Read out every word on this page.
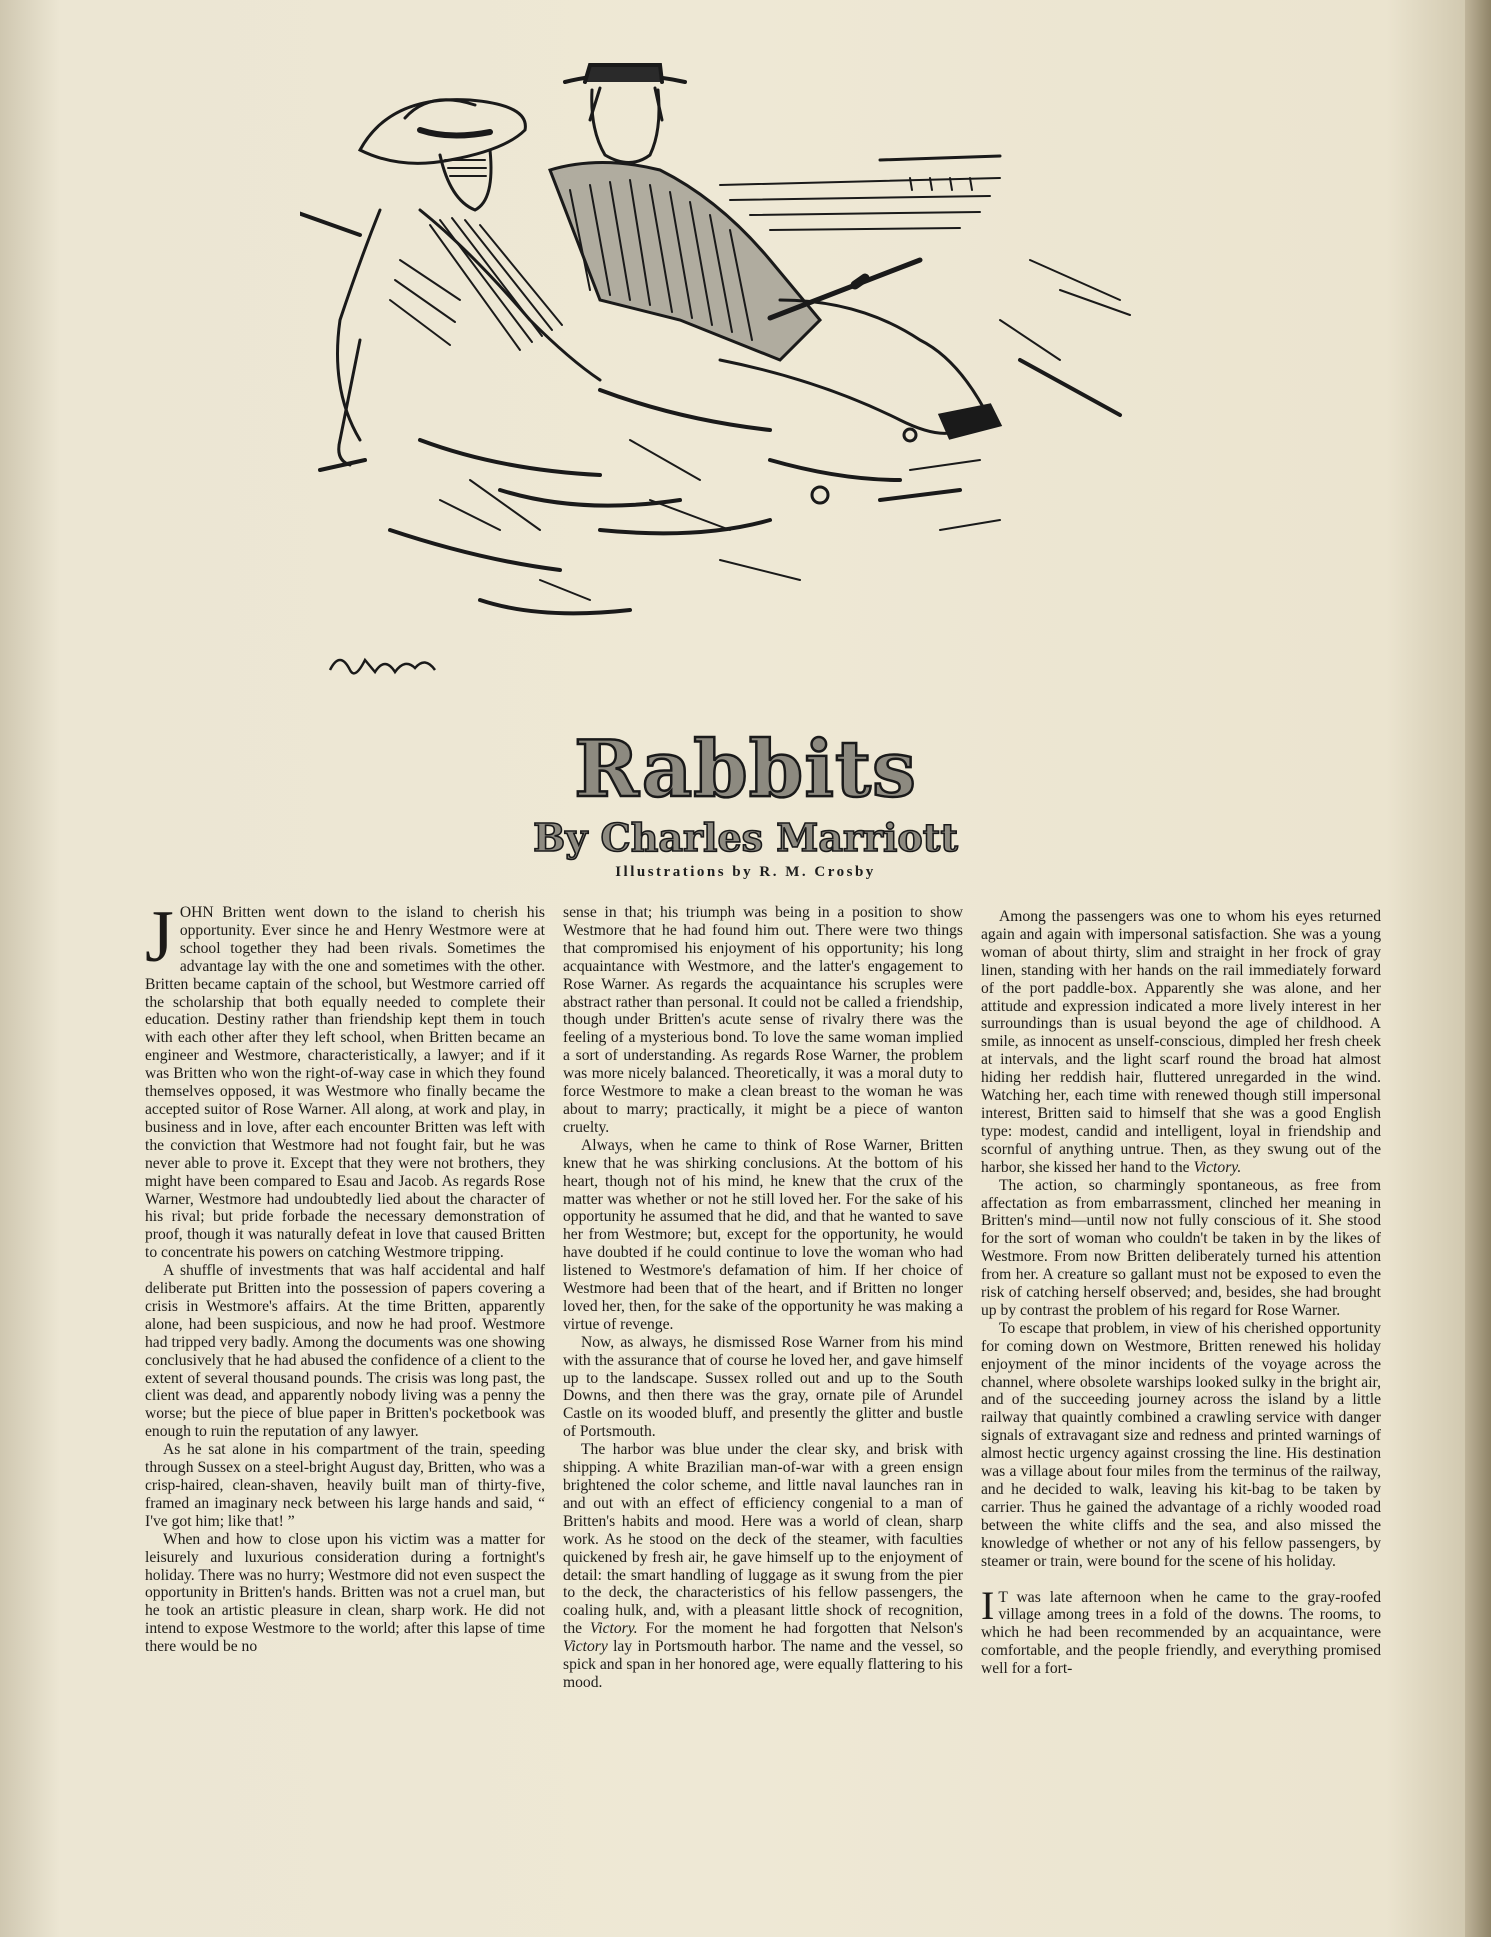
Rabbits
By Charles Marriott
Illustrations by R. M. Crosby

JOHN Britten went down to the island to cherish his opportunity. Ever since he and Henry Westmore were at school together they had been rivals. Sometimes the advantage lay with the one and sometimes with the other. Britten became captain of the school, but Westmore carried off the scholarship that both equally needed to complete their education. Destiny rather than friendship kept them in touch with each other after they left school, when Britten became an engineer and Westmore, characteristically, a lawyer; and if it was Britten who won the right-of-way case in which they found themselves opposed, it was Westmore who finally became the accepted suitor of Rose Warner. All along, at work and play, in business and in love, after each encounter Britten was left with the conviction that Westmore had not fought fair, but he was never able to prove it. Except that they were not brothers, they might have been compared to Esau and Jacob. As regards Rose Warner, Westmore had undoubtedly lied about the character of his rival; but pride forbade the necessary demonstration of proof, though it was naturally defeat in love that caused Britten to concentrate his powers on catching Westmore tripping.

A shuffle of investments that was half accidental and half deliberate put Britten into the possession of papers covering a crisis in Westmore's affairs. At the time Britten, apparently alone, had been suspicious, and now he had proof. Westmore had tripped very badly. Among the documents was one showing conclusively that he had abused the confidence of a client to the extent of several thousand pounds. The crisis was long past, the client was dead, and apparently nobody living was a penny the worse; but the piece of blue paper in Britten's pocketbook was enough to ruin the reputation of any lawyer.

As he sat alone in his compartment of the train, speeding through Sussex on a steel-bright August day, Britten, who was a crisp-haired, clean-shaven, heavily built man of thirty-five, framed an imaginary neck between his large hands and said, “ I've got him; like that! ”

When and how to close upon his victim was a matter for leisurely and luxurious consideration during a fortnight's holiday. There was no hurry; Westmore did not even suspect the opportunity in Britten's hands. Britten was not a cruel man, but he took an artistic pleasure in clean, sharp work. He did not intend to expose Westmore to the world; after this lapse of time there would be no

sense in that; his triumph was being in a position to show Westmore that he had found him out. There were two things that compromised his enjoyment of his opportunity; his long acquaintance with Westmore, and the latter's engagement to Rose Warner. As regards the acquaintance his scruples were abstract rather than personal. It could not be called a friendship, though under Britten's acute sense of rivalry there was the feeling of a mysterious bond. To love the same woman implied a sort of understanding. As regards Rose Warner, the problem was more nicely balanced. Theoretically, it was a moral duty to force Westmore to make a clean breast to the woman he was about to marry; practically, it might be a piece of wanton cruelty.

Always, when he came to think of Rose Warner, Britten knew that he was shirking conclusions. At the bottom of his heart, though not of his mind, he knew that the crux of the matter was whether or not he still loved her. For the sake of his opportunity he assumed that he did, and that he wanted to save her from Westmore; but, except for the opportunity, he would have doubted if he could continue to love the woman who had listened to Westmore's defamation of him. If her choice of Westmore had been that of the heart, and if Britten no longer loved her, then, for the sake of the opportunity he was making a virtue of revenge.

Now, as always, he dismissed Rose Warner from his mind with the assurance that of course he loved her, and gave himself up to the landscape. Sussex rolled out and up to the South Downs, and then there was the gray, ornate pile of Arundel Castle on its wooded bluff, and presently the glitter and bustle of Portsmouth.

The harbor was blue under the clear sky, and brisk with shipping. A white Brazilian man-of-war with a green ensign brightened the color scheme, and little naval launches ran in and out with an effect of efficiency congenial to a man of Britten's habits and mood. Here was a world of clean, sharp work. As he stood on the deck of the steamer, with faculties quickened by fresh air, he gave himself up to the enjoyment of detail: the smart handling of luggage as it swung from the pier to the deck, the characteristics of his fellow passengers, the coaling hulk, and, with a pleasant little shock of recognition, the Victory. For the moment he had forgotten that Nelson's Victory lay in Portsmouth harbor. The name and the vessel, so spick and span in her honored age, were equally flattering to his mood.

Among the passengers was one to whom his eyes returned again and again with impersonal satisfaction. She was a young woman of about thirty, slim and straight in her frock of gray linen, standing with her hands on the rail immediately forward of the port paddle-box. Apparently she was alone, and her attitude and expression indicated a more lively interest in her surroundings than is usual beyond the age of childhood. A smile, as innocent as unself-conscious, dimpled her fresh cheek at intervals, and the light scarf round the broad hat almost hiding her reddish hair, fluttered unregarded in the wind. Watching her, each time with renewed though still impersonal interest, Britten said to himself that she was a good English type: modest, candid and intelligent, loyal in friendship and scornful of anything untrue. Then, as they swung out of the harbor, she kissed her hand to the Victory.

The action, so charmingly spontaneous, as free from affectation as from embarrassment, clinched her meaning in Britten's mind—until now not fully conscious of it. She stood for the sort of woman who couldn't be taken in by the likes of Westmore. From now Britten deliberately turned his attention from her. A creature so gallant must not be exposed to even the risk of catching herself observed; and, besides, she had brought up by contrast the problem of his regard for Rose Warner.

To escape that problem, in view of his cherished opportunity for coming down on Westmore, Britten renewed his holiday enjoyment of the minor incidents of the voyage across the channel, where obsolete warships looked sulky in the bright air, and of the succeeding journey across the island by a little railway that quaintly combined a crawling service with danger signals of extravagant size and redness and printed warnings of almost hectic urgency against crossing the line. His destination was a village about four miles from the terminus of the railway, and he decided to walk, leaving his kit-bag to be taken by carrier. Thus he gained the advantage of a richly wooded road between the white cliffs and the sea, and also missed the knowledge of whether or not any of his fellow passengers, by steamer or train, were bound for the scene of his holiday.

I T was late afternoon when he came to the gray-roofed village among trees in a fold of the downs. The rooms, to which he had been recommended by an acquaintance, were comfortable, and the people friendly, and everything promised well for a fort-
